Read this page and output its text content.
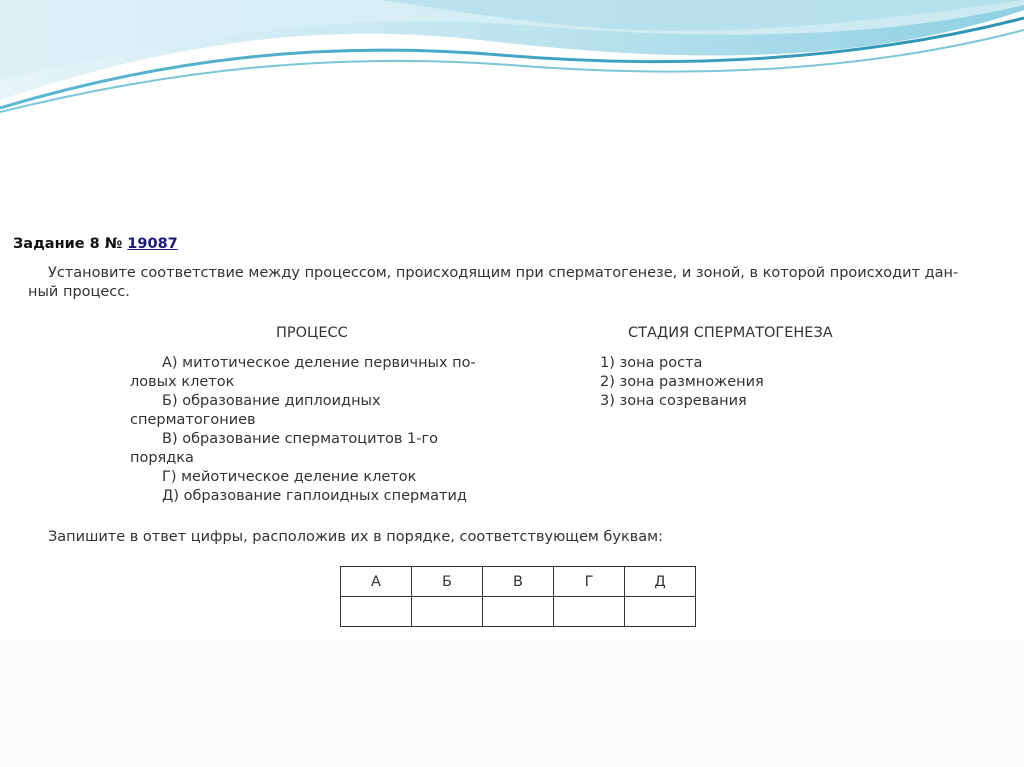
Задание 8 № 19087
Установите соответствие между процессом, происходящим при сперматогенезе, и зоной, в которой происходит дан-
ный процесс.
ПРОЦЕСС	СТАДИЯ СПЕРМАТОГЕНЕЗА
А) митотическое деление первичных по-
ловых клеток
Б) образование диплоидных
сперматогониев
В) образование сперматоцитов 1-го
порядка
Г) мейотическое деление клеток
Д) образование гаплоидных сперматид
1) зона роста
2) зона размножения
3) зона созревания
Запишите в ответ цифры, расположив их в порядке, соответствующем буквам:
А	Б	В	Г	Д
